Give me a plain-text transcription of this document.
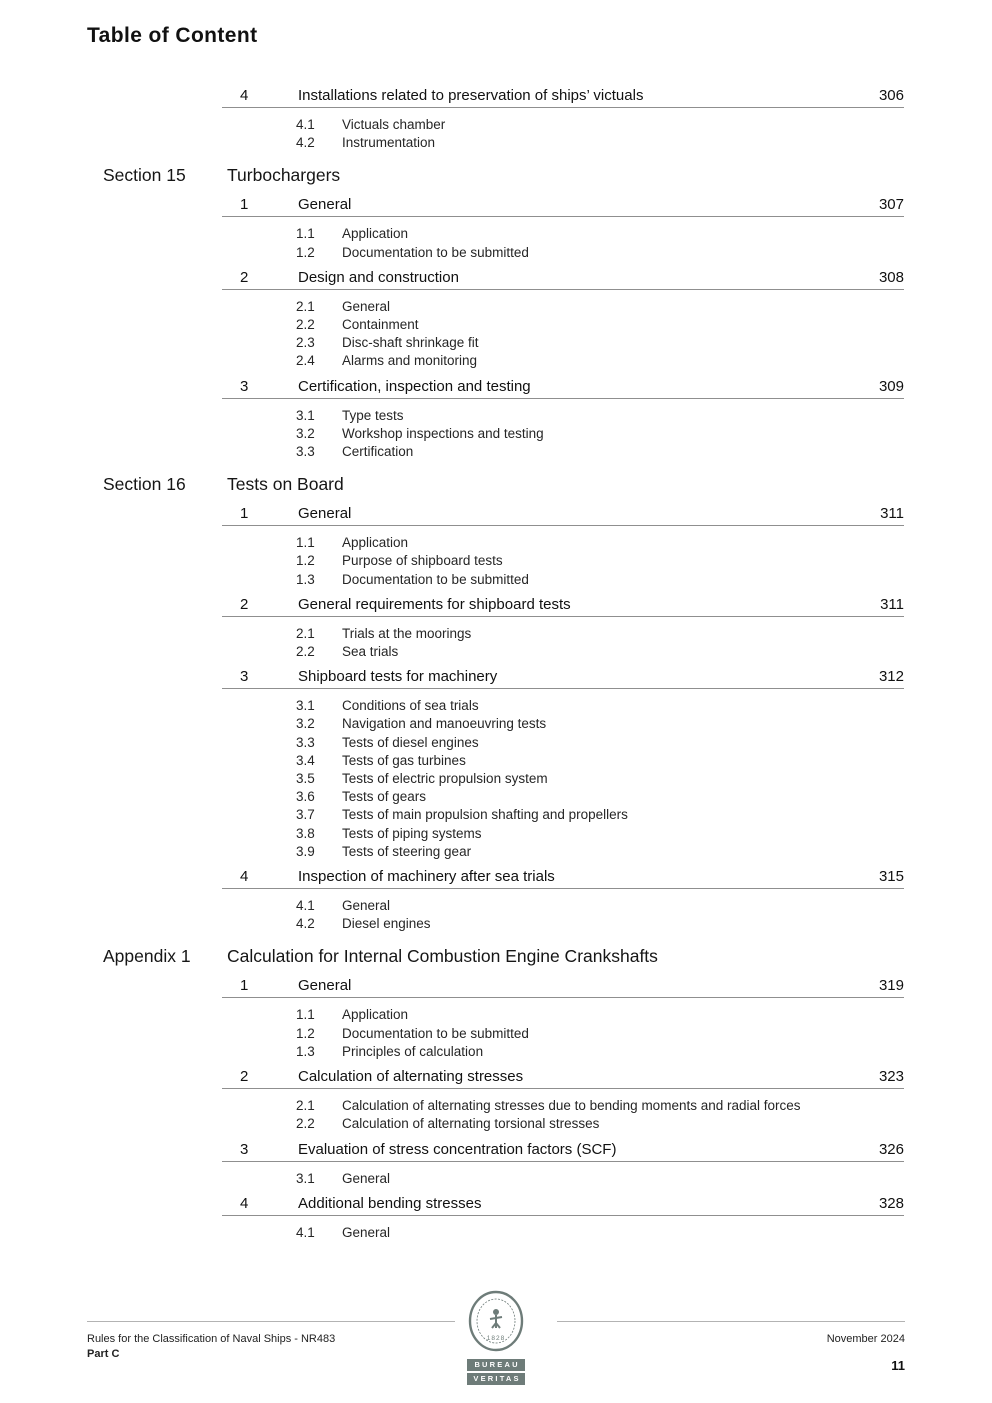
Table of Content
4	Installations related to preservation of ships’ victuals	306
4.1	Victuals chamber
4.2	Instrumentation
Section 15 Turbochargers
1	General	307
1.1	Application
1.2	Documentation to be submitted
2	Design and construction	308
2.1	General
2.2	Containment
2.3	Disc-shaft shrinkage fit
2.4	Alarms and monitoring
3	Certification, inspection and testing	309
3.1	Type tests
3.2	Workshop inspections and testing
3.3	Certification
Section 16 Tests on Board
1	General	311
1.1	Application
1.2	Purpose of shipboard tests
1.3	Documentation to be submitted
2	General requirements for shipboard tests	311
2.1	Trials at the moorings
2.2	Sea trials
3	Shipboard tests for machinery	312
3.1	Conditions of sea trials
3.2	Navigation and manoeuvring tests
3.3	Tests of diesel engines
3.4	Tests of gas turbines
3.5	Tests of electric propulsion system
3.6	Tests of gears
3.7	Tests of main propulsion shafting and propellers
3.8	Tests of piping systems
3.9	Tests of steering gear
4	Inspection of machinery after sea trials	315
4.1	General
4.2	Diesel engines
Appendix 1 Calculation for Internal Combustion Engine Crankshafts
1	General	319
1.1	Application
1.2	Documentation to be submitted
1.3	Principles of calculation
2	Calculation of alternating stresses	323
2.1	Calculation of alternating stresses due to bending moments and radial forces
2.2	Calculation of alternating torsional stresses
3	Evaluation of stress concentration factors (SCF)	326
3.1	General
4	Additional bending stresses	328
4.1	General
1828
BUREAU
VERITAS
Rules for the Classification of Naval Ships - NR483
Part C
November 2024
11
